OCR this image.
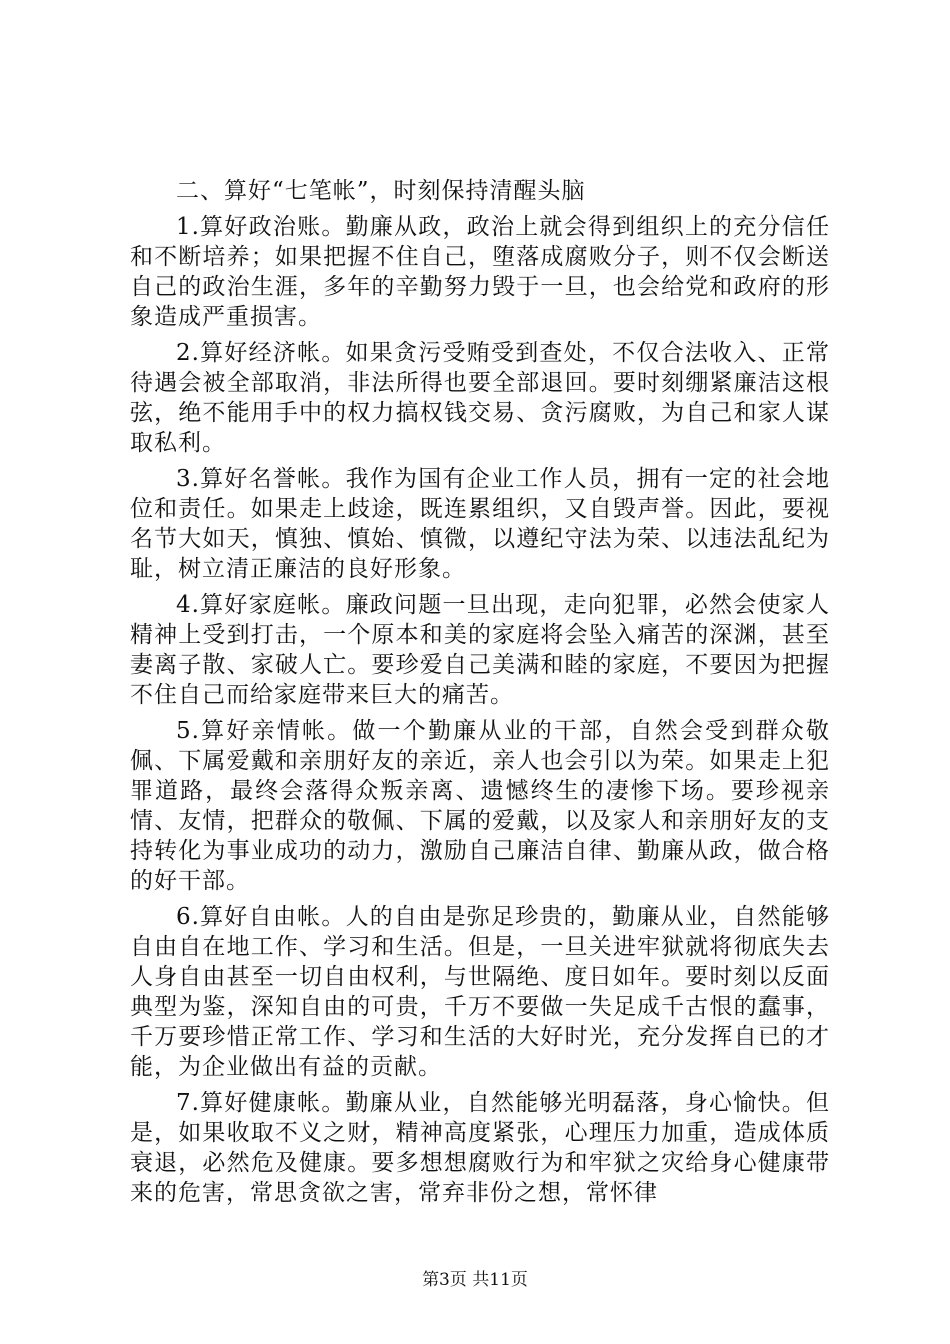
二、算好“七笔帐”，时刻保持清醒头脑

1.算好政治账。勤廉从政，政治上就会得到组织上的充分信任和不断培养；如果把握不住自己，堕落成腐败分子，则不仅会断送自己的政治生涯，多年的辛勤努力毁于一旦，也会给党和政府的形象造成严重损害。

2.算好经济帐。如果贪污受贿受到查处，不仅合法收入、正常待遇会被全部取消，非法所得也要全部退回。要时刻绷紧廉洁这根弦，绝不能用手中的权力搞权钱交易、贪污腐败，为自己和家人谋取私利。

3.算好名誉帐。我作为国有企业工作人员，拥有一定的社会地位和责任。如果走上歧途，既连累组织，又自毁声誉。因此，要视名节大如天，慎独、慎始、慎微，以遵纪守法为荣、以违法乱纪为耻，树立清正廉洁的良好形象。

4.算好家庭帐。廉政问题一旦出现，走向犯罪，必然会使家人精神上受到打击，一个原本和美的家庭将会坠入痛苦的深渊，甚至妻离子散、家破人亡。要珍爱自己美满和睦的家庭，不要因为把握不住自己而给家庭带来巨大的痛苦。

5.算好亲情帐。做一个勤廉从业的干部，自然会受到群众敬佩、下属爱戴和亲朋好友的亲近，亲人也会引以为荣。如果走上犯罪道路，最终会落得众叛亲离、遗憾终生的凄惨下场。要珍视亲情、友情，把群众的敬佩、下属的爱戴，以及家人和亲朋好友的支持转化为事业成功的动力，激励自己廉洁自律、勤廉从政，做合格的好干部。

6.算好自由帐。人的自由是弥足珍贵的，勤廉从业，自然能够自由自在地工作、学习和生活。但是，一旦关进牢狱就将彻底失去人身自由甚至一切自由权利，与世隔绝、度日如年。要时刻以反面典型为鉴，深知自由的可贵，千万不要做一失足成千古恨的蠢事，千万要珍惜正常工作、学习和生活的大好时光，充分发挥自已的才能，为企业做出有益的贡献。

7.算好健康帐。勤廉从业，自然能够光明磊落，身心愉快。但是，如果收取不义之财，精神高度紧张，心理压力加重，造成体质衰退，必然危及健康。要多想想腐败行为和牢狱之灾给身心健康带来的危害，常思贪欲之害，常弃非份之想，常怀律

第3页 共11页
